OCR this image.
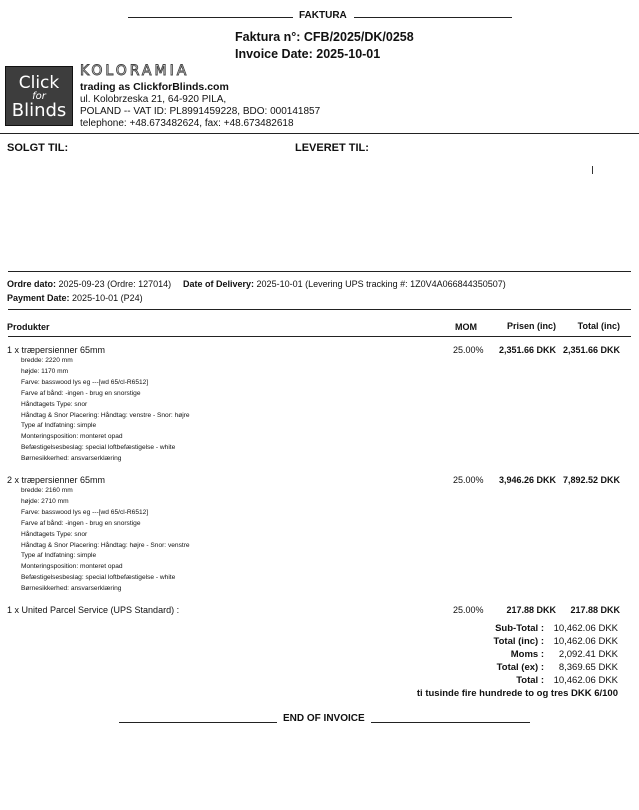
FAKTURA
Faktura n°: CFB/2025/DK/0258
Invoice Date: 2025-10-01
Click
for
Blinds
KOLORAMIA
trading as ClickforBlinds.com
ul. Kolobrzeska 21, 64-920 PILA,
POLAND -- VAT ID: PL8991459228, BDO: 000141857
telephone: +48.673482624, fax: +48.673482618
SOLGT TIL:	LEVERET TIL:
Ordre dato: 2025-09-23 (Ordre: 127014) Date of Delivery: 2025-10-01 (Levering UPS tracking #: 1Z0V4A066844350507)
Payment Date: 2025-10-01 (P24)
Produkter	MOM	Prisen (inc)	Total (inc)
1 x træpersienner 65mm	25.00%	2,351.66 DKK 2,351.66 DKK
bredde: 2220 mm
højde: 1170 mm
Farve: basswood lys eg ---[wd 65/cl-R6512]
Farve af bånd: -ingen - brug en snorstige
Håndtagets Type: snor
Håndtag & Snor Placering: Håndtag: venstre - Snor: højre
Type af Indfatning: simple
Monteringsposition: monteret opad
Befæstigelsesbeslag: special loftbefæstigelse - white
Børnesikkerhed: ansvarserklæring
2 x træpersienner 65mm	25.00%	3,946.26 DKK 7,892.52 DKK
bredde: 2160 mm
højde: 2710 mm
Farve: basswood lys eg ---[wd 65/cl-R6512]
Farve af bånd: -ingen - brug en snorstige
Håndtagets Type: snor
Håndtag & Snor Placering: Håndtag: højre - Snor: venstre
Type af Indfatning: simple
Monteringsposition: monteret opad
Befæstigelsesbeslag: special loftbefæstigelse - white
Børnesikkerhed: ansvarserklæring
1 x United Parcel Service (UPS Standard) :	25.00%	217.88 DKK	217.88 DKK
Sub-Total :	10,462.06 DKK
Total (inc) :	10,462.06 DKK
Moms :	2,092.41 DKK
Total (ex) :	8,369.65 DKK
Total :	10,462.06 DKK
ti tusinde fire hundrede to og tres DKK 6/100
END OF INVOICE
